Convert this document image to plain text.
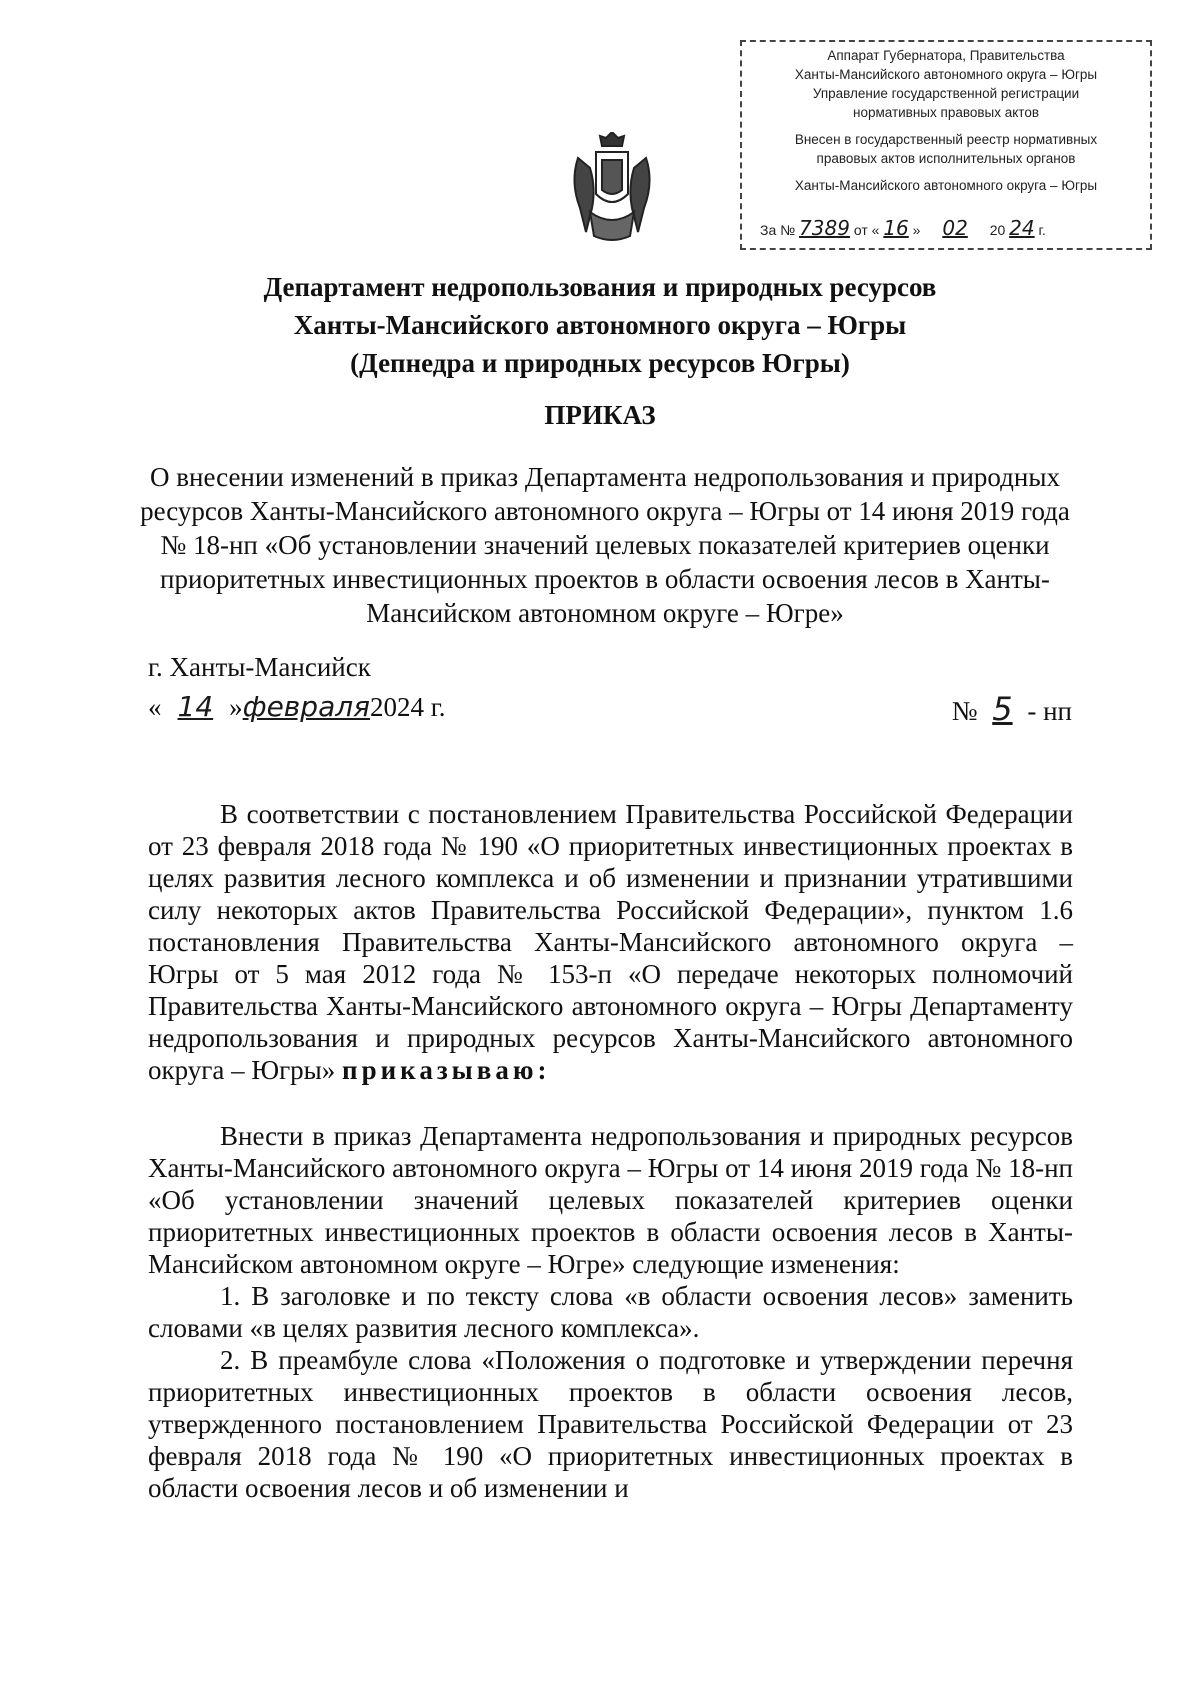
Аппарат Губернатора, Правительства
Ханты-Мансийского автономного округа – Югры
Управление государственной регистрации
нормативных правовых актов
Внесен в государственный реестр нормативных
правовых актов исполнительных органов
Ханты-Мансийского автономного округа – Югры
За № 7389 от « 16 » 02 20 24 г.
Департамент недропользования и природных ресурсов
Ханты-Мансийского автономного округа – Югры
(Депнедра и природных ресурсов Югры)
ПРИКАЗ
О внесении изменений в приказ Департамента недропользования и природных ресурсов Ханты-Мансийского автономного округа – Югры от 14 июня 2019 года № 18-нп «Об установлении значений целевых показателей критериев оценки приоритетных инвестиционных проектов в области освоения лесов в Ханты-Мансийском автономном округе – Югре»
г. Ханты-Мансийск
« 14 »февраля2024 г.	№ 5 - нп

В соответствии с постановлением Правительства Российской Федерации от 23 февраля 2018 года № 190 «О приоритетных инвестиционных проектах в целях развития лесного комплекса и об изменении и признании утратившими силу некоторых актов Правительства Российской Федерации», пунктом 1.6 постановления Правительства Ханты-Мансийского автономного округа – Югры от 5 мая 2012 года № 153-п «О передаче некоторых полномочий Правительства Ханты-Мансийского автономного округа – Югры Департаменту недропользования и природных ресурсов Ханты-Мансийского автономного округа – Югры» приказываю:

Внести в приказ Департамента недропользования и природных ресурсов Ханты-Мансийского автономного округа – Югры от 14 июня 2019 года № 18-нп «Об установлении значений целевых показателей критериев оценки приоритетных инвестиционных проектов в области освоения лесов в Ханты-Мансийском автономном округе – Югре» следующие изменения:

1. В заголовке и по тексту слова «в области освоения лесов» заменить словами «в целях развития лесного комплекса».

2. В преамбуле слова «Положения о подготовке и утверждении перечня приоритетных инвестиционных проектов в области освоения лесов, утвержденного постановлением Правительства Российской Федерации от 23 февраля 2018 года № 190 «О приоритетных инвестиционных проектах в области освоения лесов и об изменении и
